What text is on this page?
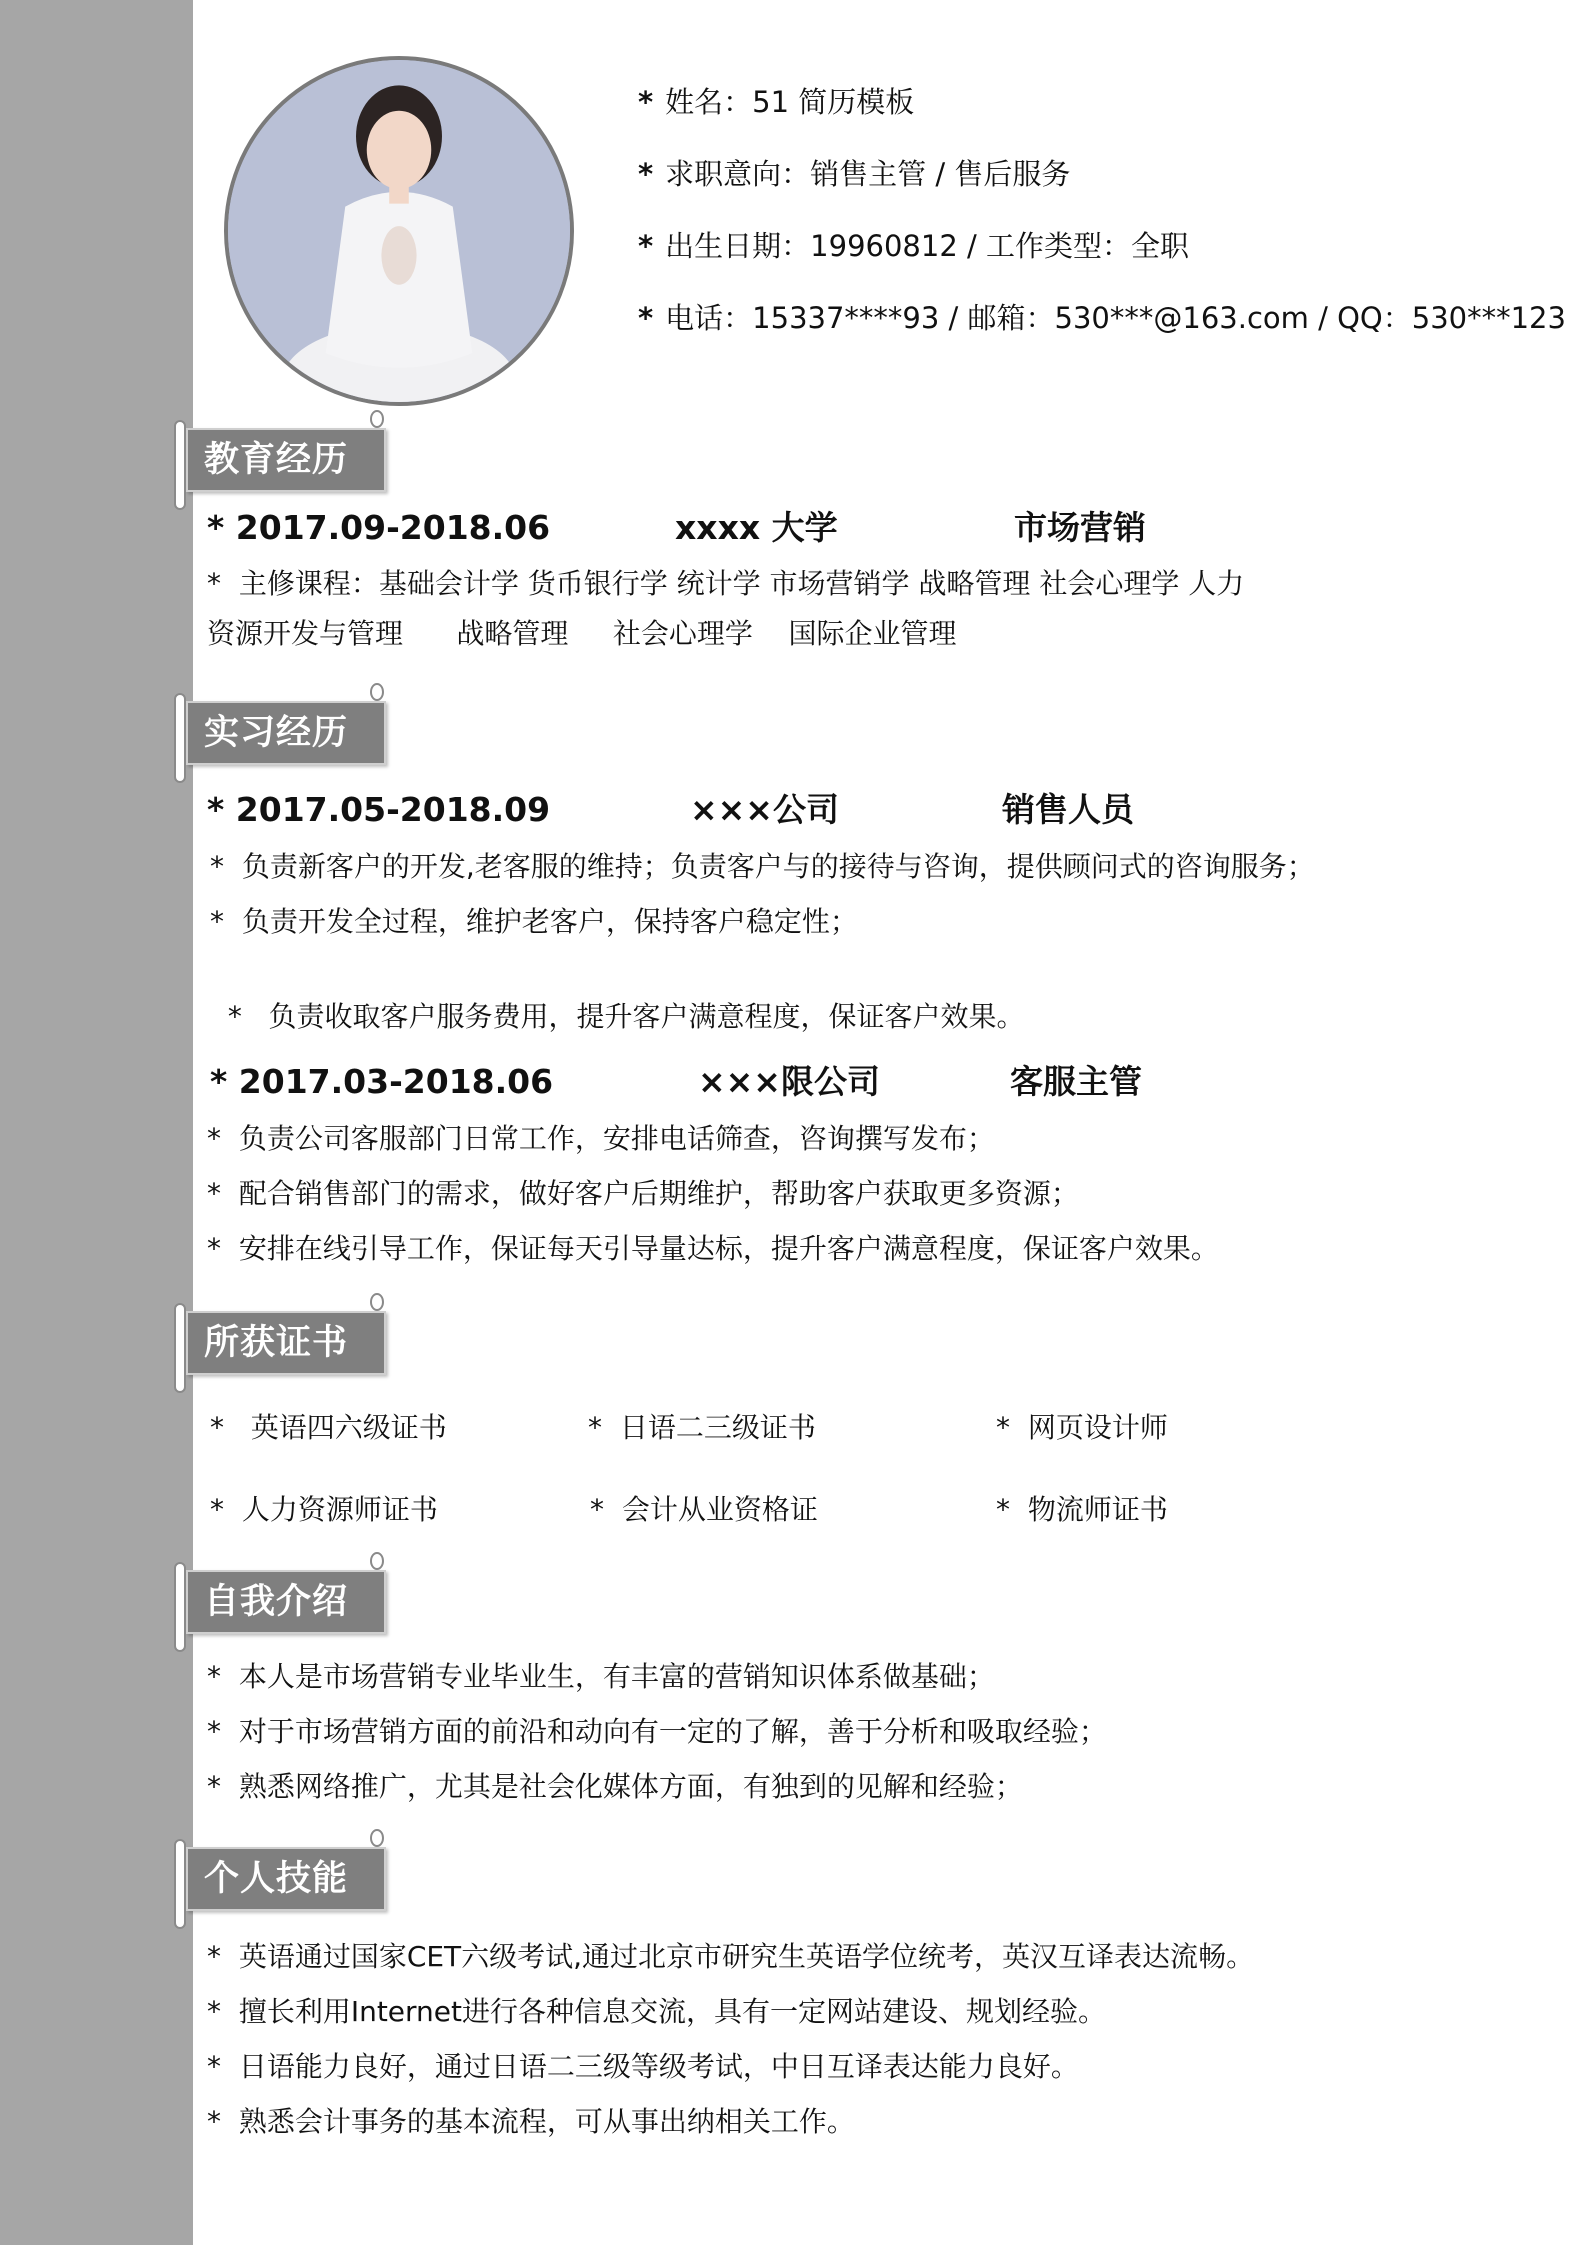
* 姓名：51 简历模板
* 求职意向：销售主管 / 售后服务
* 出生日期：19960812 / 工作类型：全职
* 电话：15337****93 / 邮箱：530***@163.com / QQ：530***123
教育经历
* 2017.09-2018.06	xxxx 大学	市场营销
* 主修课程：基础会计学 货币银行学 统计学 市场营销学 战略管理 社会心理学 人力
资源开发与管理      战略管理     社会心理学    国际企业管理
实习经历
* 2017.05-2018.09	×××公司	销售人员
* 负责新客户的开发,老客服的维持；负责客户与的接待与咨询，提供顾问式的咨询服务；
* 负责开发全过程，维护老客户，保持客户稳定性；

*   负责收取客户服务费用，提升客户满意程度，保证客户效果。

* 2017.03-2018.06	×××限公司	客服主管
* 负责公司客服部门日常工作，安排电话筛查，咨询撰写发布；
* 配合销售部门的需求，做好客户后期维护，帮助客户获取更多资源；
* 安排在线引导工作，保证每天引导量达标，提升客户满意程度，保证客户效果。
所获证书
* 英语四六级证书	* 日语二三级证书	* 网页设计师
* 人力资源师证书	* 会计从业资格证	* 物流师证书
自我介绍
* 本人是市场营销专业毕业生，有丰富的营销知识体系做基础；
* 对于市场营销方面的前沿和动向有一定的了解，善于分析和吸取经验；
* 熟悉网络推广，尤其是社会化媒体方面，有独到的见解和经验；
个人技能
* 英语通过国家CET六级考试,通过北京市研究生英语学位统考，英汉互译表达流畅。
* 擅长利用Internet进行各种信息交流，具有一定网站建设、规划经验。
* 日语能力良好，通过日语二三级等级考试，中日互译表达能力良好。
* 熟悉会计事务的基本流程，可从事出纳相关工作。
